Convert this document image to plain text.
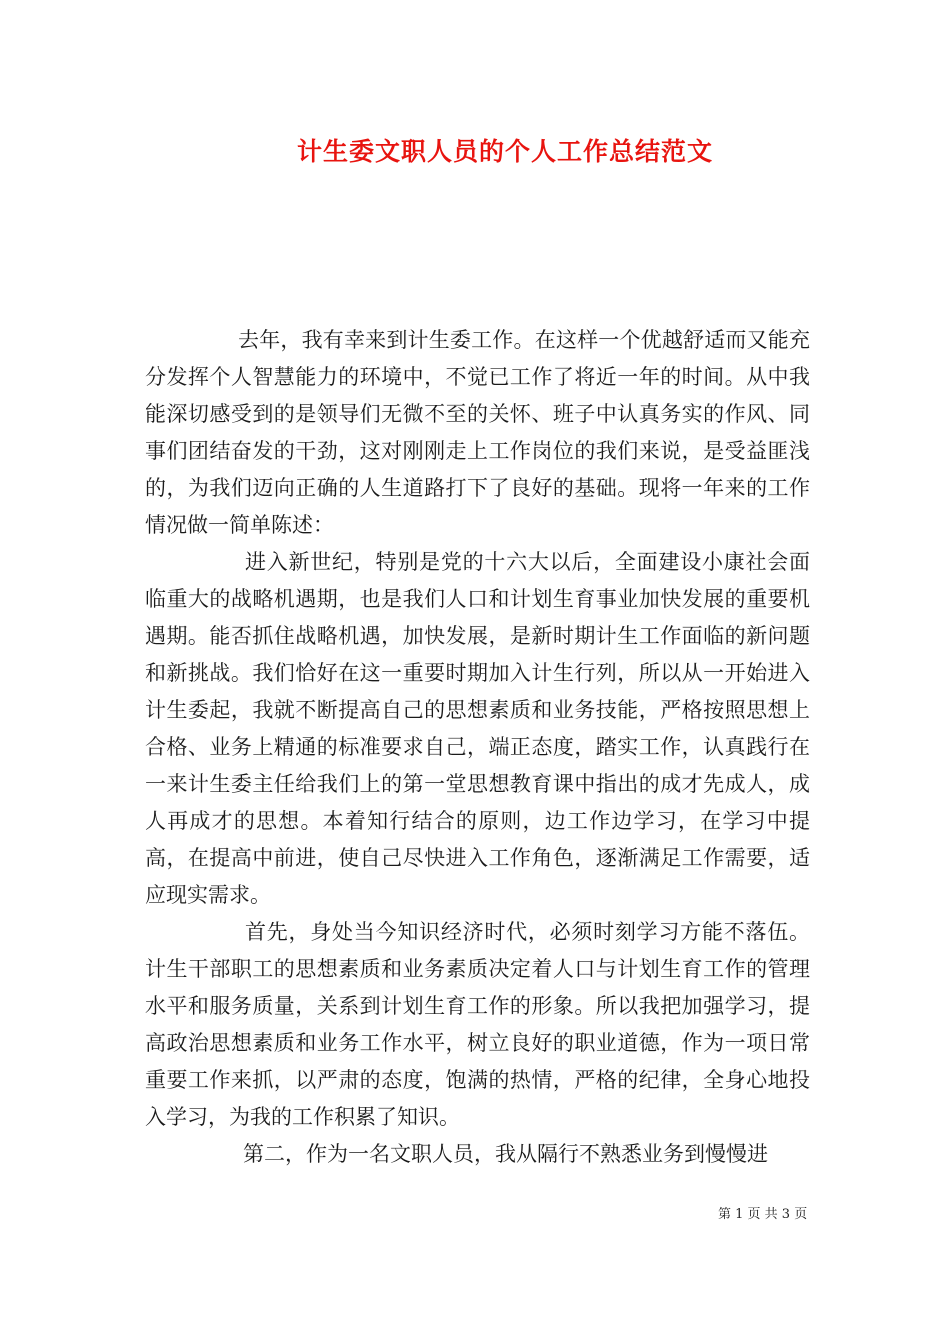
计生委文职人员的个人工作总结范文

去年，我有幸来到计生委工作。在这样一个优越舒适而又能充分发挥个人智慧能力的环境中，不觉已工作了将近一年的时间。从中我能深切感受到的是领导们无微不至的关怀、班子中认真务实的作风、同事们团结奋发的干劲，这对刚刚走上工作岗位的我们来说，是受益匪浅的，为我们迈向正确的人生道路打下了良好的基础。现将一年来的工作情况做一简单陈述：

进入新世纪，特别是党的十六大以后，全面建设小康社会面临重大的战略机遇期，也是我们人口和计划生育事业加快发展的重要机遇期。能否抓住战略机遇，加快发展，是新时期计生工作面临的新问题和新挑战。我们恰好在这一重要时期加入计生行列，所以从一开始进入计生委起，我就不断提高自己的思想素质和业务技能，严格按照思想上合格、业务上精通的标准要求自己，端正态度，踏实工作，认真践行在一来计生委主任给我们上的第一堂思想教育课中指出的成才先成人，成人再成才的思想。本着知行结合的原则，边工作边学习，在学习中提高，在提高中前进，使自己尽快进入工作角色，逐渐满足工作需要，适应现实需求。

首先，身处当今知识经济时代，必须时刻学习方能不落伍。计生干部职工的思想素质和业务素质决定着人口与计划生育工作的管理水平和服务质量，关系到计划生育工作的形象。所以我把加强学习，提高政治思想素质和业务工作水平，树立良好的职业道德，作为一项日常重要工作来抓，以严肃的态度，饱满的热情，严格的纪律，全身心地投入学习，为我的工作积累了知识。

第二，作为一名文职人员，我从隔行不熟悉业务到慢慢进

第 1 页 共 3 页
